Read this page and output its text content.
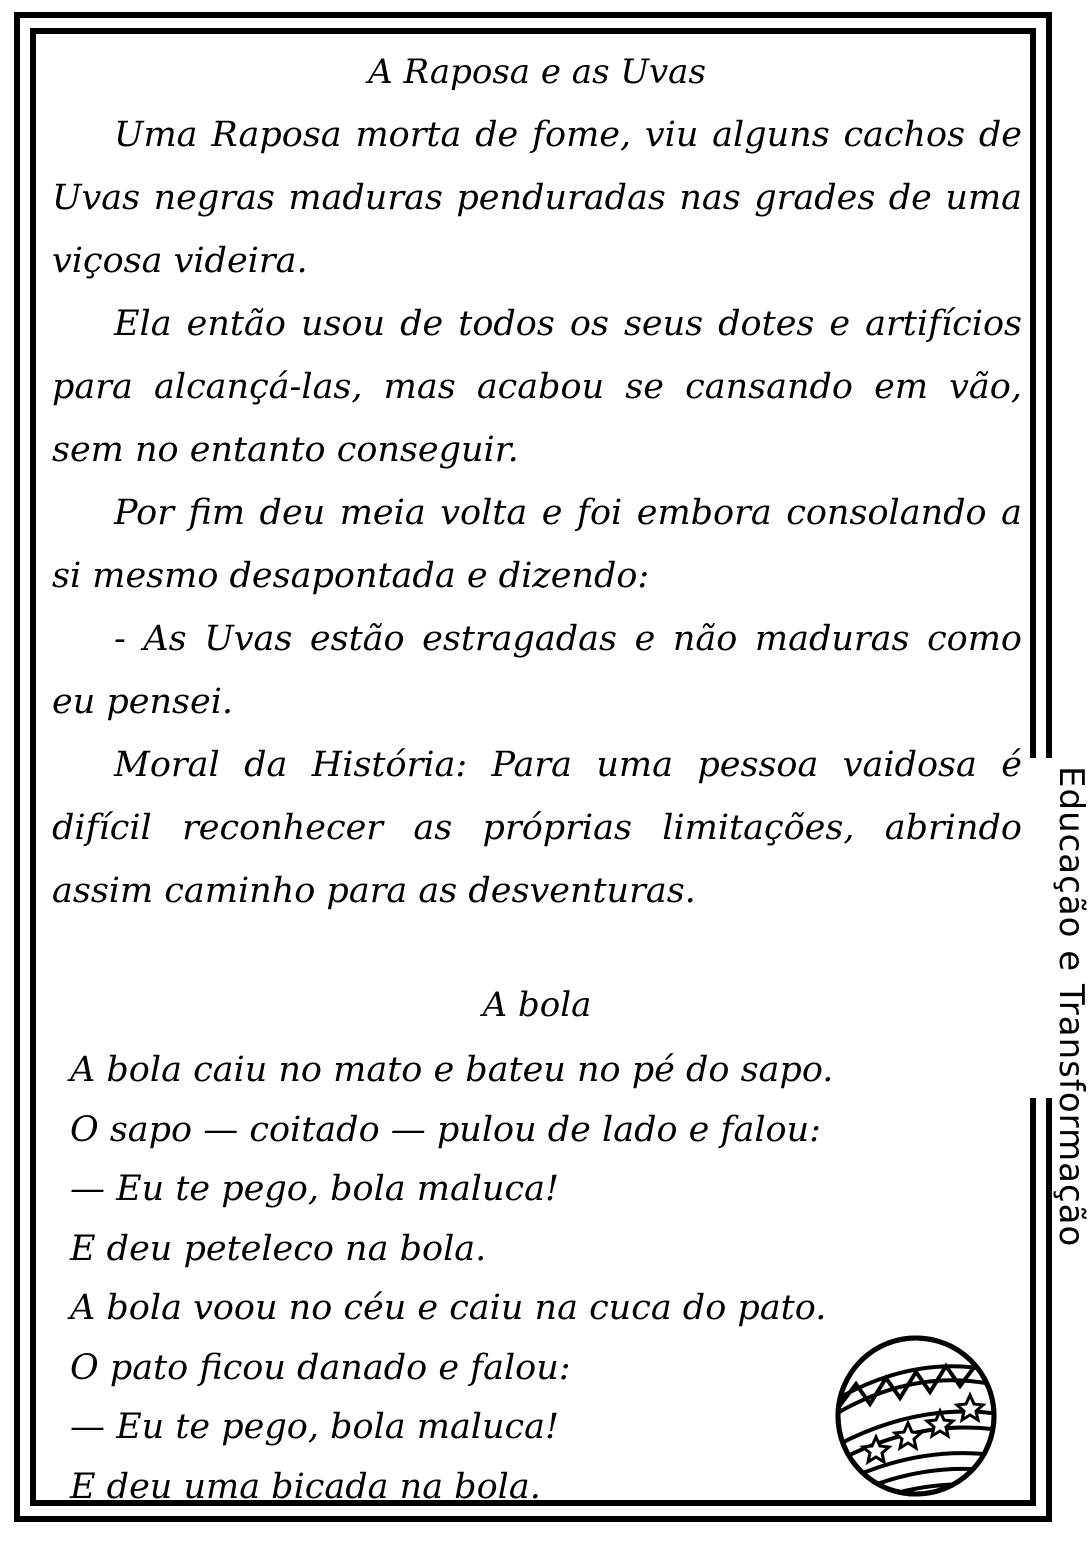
Educação e Transformação
A Raposa e as Uvas

Uma Raposa morta de fome, viu alguns cachos de Uvas negras maduras penduradas nas grades de uma viçosa videira.

Ela então usou de todos os seus dotes e artifícios para alcançá-las, mas acabou se cansando em vão, sem no entanto conseguir.

Por fim deu meia volta e foi embora consolando a si mesmo desapontada e dizendo:

- As Uvas estão estragadas e não maduras como eu pensei.

Moral da História: Para uma pessoa vaidosa é difícil reconhecer as próprias limitações, abrindo assim caminho para as desventuras.

A bola
A bola caiu no mato e bateu no pé do sapo.
O sapo — coitado — pulou de lado e falou:
— Eu te pego, bola maluca!
E deu peteleco na bola.
A bola voou no céu e caiu na cuca do pato.
O pato ficou danado e falou:
— Eu te pego, bola maluca!
E deu uma bicada na bola.
